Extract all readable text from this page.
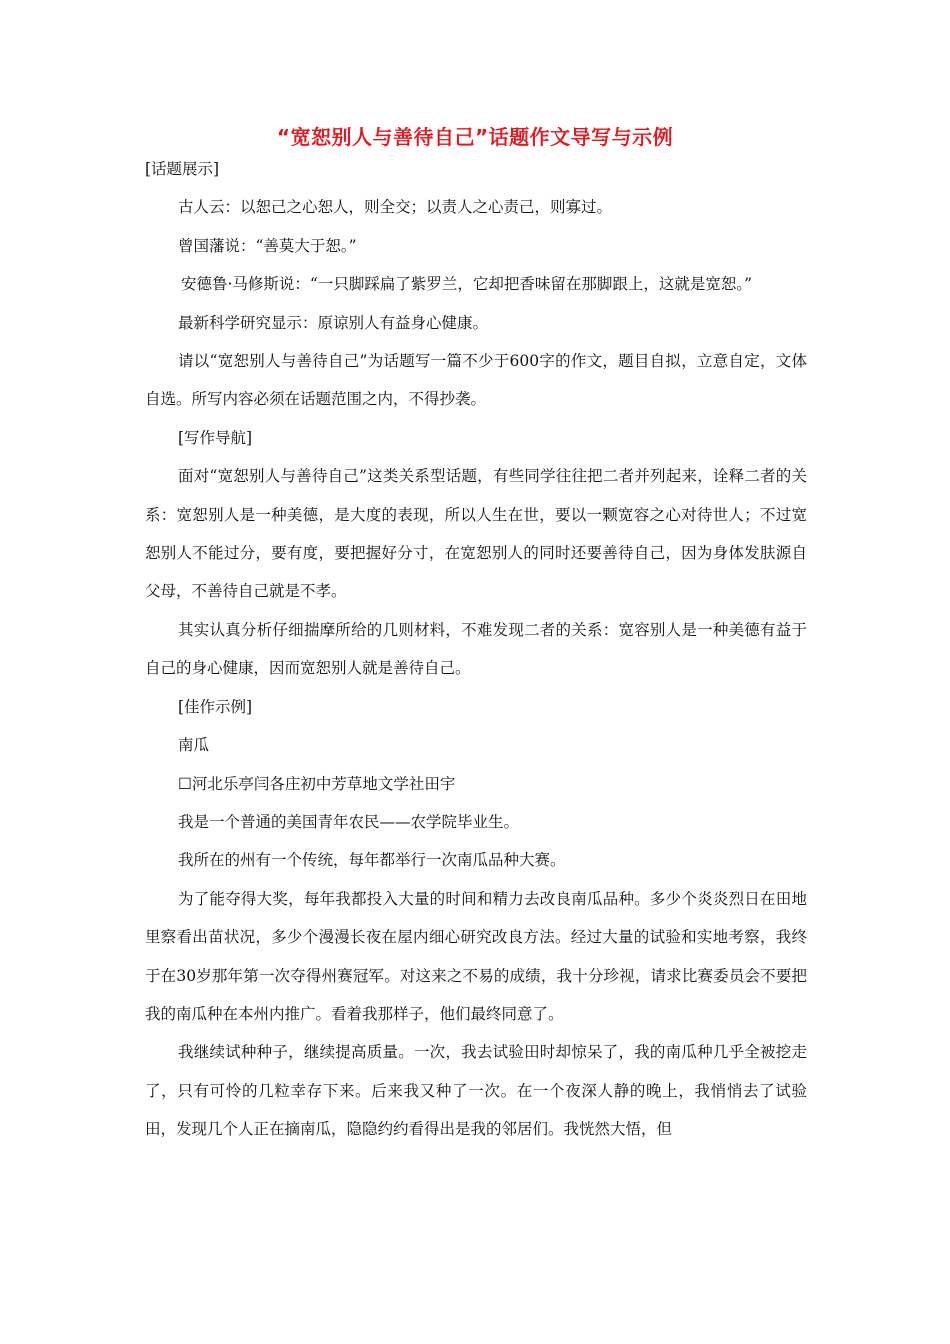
“宽恕别人与善待自己”话题作文导写与示例

[话题展示]

古人云：以恕己之心恕人，则全交；以责人之心责己，则寡过。

曾国藩说：“善莫大于恕。”

安德鲁·马修斯说：“一只脚踩扁了紫罗兰，它却把香味留在那脚跟上，这就是宽恕。”

最新科学研究显示：原谅别人有益身心健康。

请以“宽恕别人与善待自己”为话题写一篇不少于600字的作文，题目自拟，立意自定，文体自选。所写内容必须在话题范围之内，不得抄袭。

[写作导航]

面对“宽恕别人与善待自己”这类关系型话题，有些同学往往把二者并列起来，诠释二者的关系：宽恕别人是一种美德，是大度的表现，所以人生在世，要以一颗宽容之心对待世人；不过宽恕别人不能过分，要有度，要把握好分寸，在宽恕别人的同时还要善待自己，因为身体发肤源自父母，不善待自己就是不孝。

其实认真分析仔细揣摩所给的几则材料，不难发现二者的关系：宽容别人是一种美德有益于自己的身心健康，因而宽恕别人就是善待自己。

[佳作示例]

南瓜

☐河北乐亭闫各庄初中芳草地文学社田宇

我是一个普通的美国青年农民——农学院毕业生。

我所在的州有一个传统，每年都举行一次南瓜品种大赛。

为了能夺得大奖，每年我都投入大量的时间和精力去改良南瓜品种。多少个炎炎烈日在田地里察看出苗状况，多少个漫漫长夜在屋内细心研究改良方法。经过大量的试验和实地考察，我终于在30岁那年第一次夺得州赛冠军。对这来之不易的成绩，我十分珍视，请求比赛委员会不要把我的南瓜种在本州内推广。看着我那样子，他们最终同意了。

我继续试种种子，继续提高质量。一次，我去试验田时却惊呆了，我的南瓜种几乎全被挖走了，只有可怜的几粒幸存下来。后来我又种了一次。在一个夜深人静的晚上，我悄悄去了试验田，发现几个人正在摘南瓜，隐隐约约看得出是我的邻居们。我恍然大悟，但
